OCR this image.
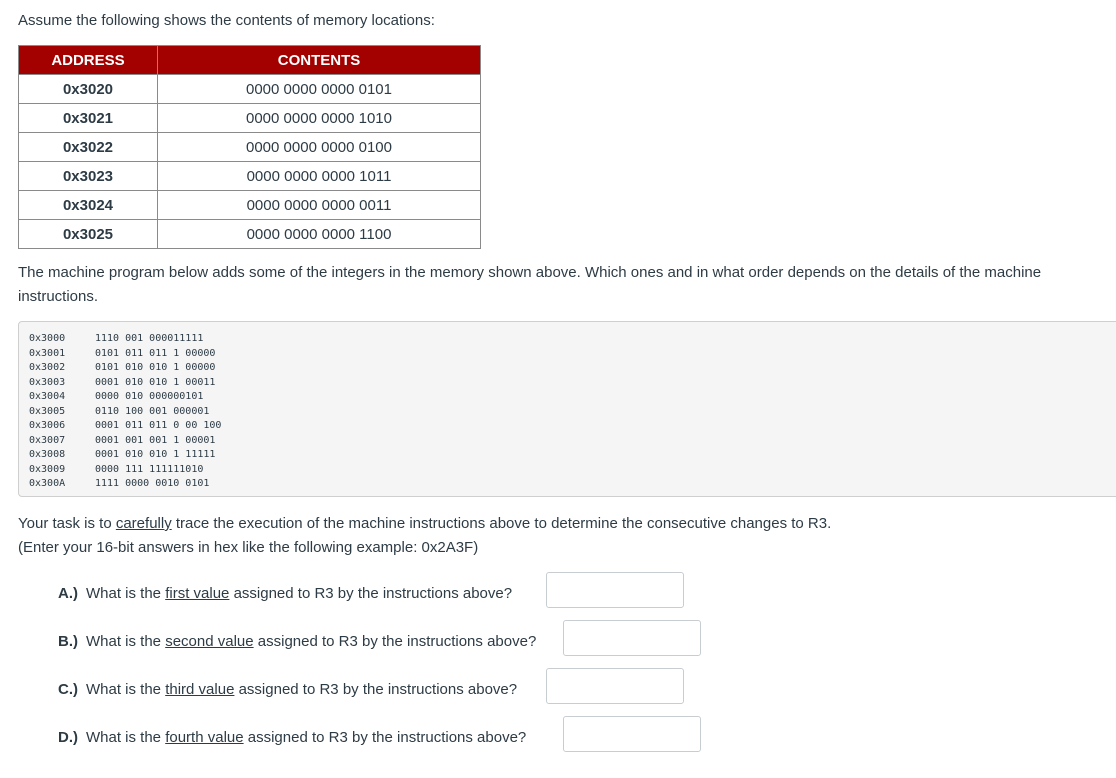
Assume the following shows the contents of memory locations:
ADDRESS	CONTENTS
0x3020	0000 0000 0000 0101
0x3021	0000 0000 0000 1010
0x3022	0000 0000 0000 0100
0x3023	0000 0000 0000 1011
0x3024	0000 0000 0000 0011
0x3025	0000 0000 0000 1100
The machine program below adds some of the integers in the memory shown above. Which ones and in what order depends on the details of the machine instructions.
0x3000	1110 001 000011111
0x3001	0101 011 011 1 00000
0x3002	0101 010 010 1 00000
0x3003	0001 010 010 1 00011
0x3004	0000 010 000000101
0x3005	0110 100 001 000001
0x3006	0001 011 011 0 00 100
0x3007	0001 001 001 1 00001
0x3008	0001 010 010 1 11111
0x3009	0000 111 111111010
0x300A	1111 0000 0010 0101
Your task is to carefully trace the execution of the machine instructions above to determine the consecutive changes to R3.
(Enter your 16-bit answers in hex like the following example: 0x2A3F)
A.) What is the first value assigned to R3 by the instructions above?
B.) What is the second value assigned to R3 by the instructions above?
C.) What is the third value assigned to R3 by the instructions above?
D.) What is the fourth value assigned to R3 by the instructions above?
